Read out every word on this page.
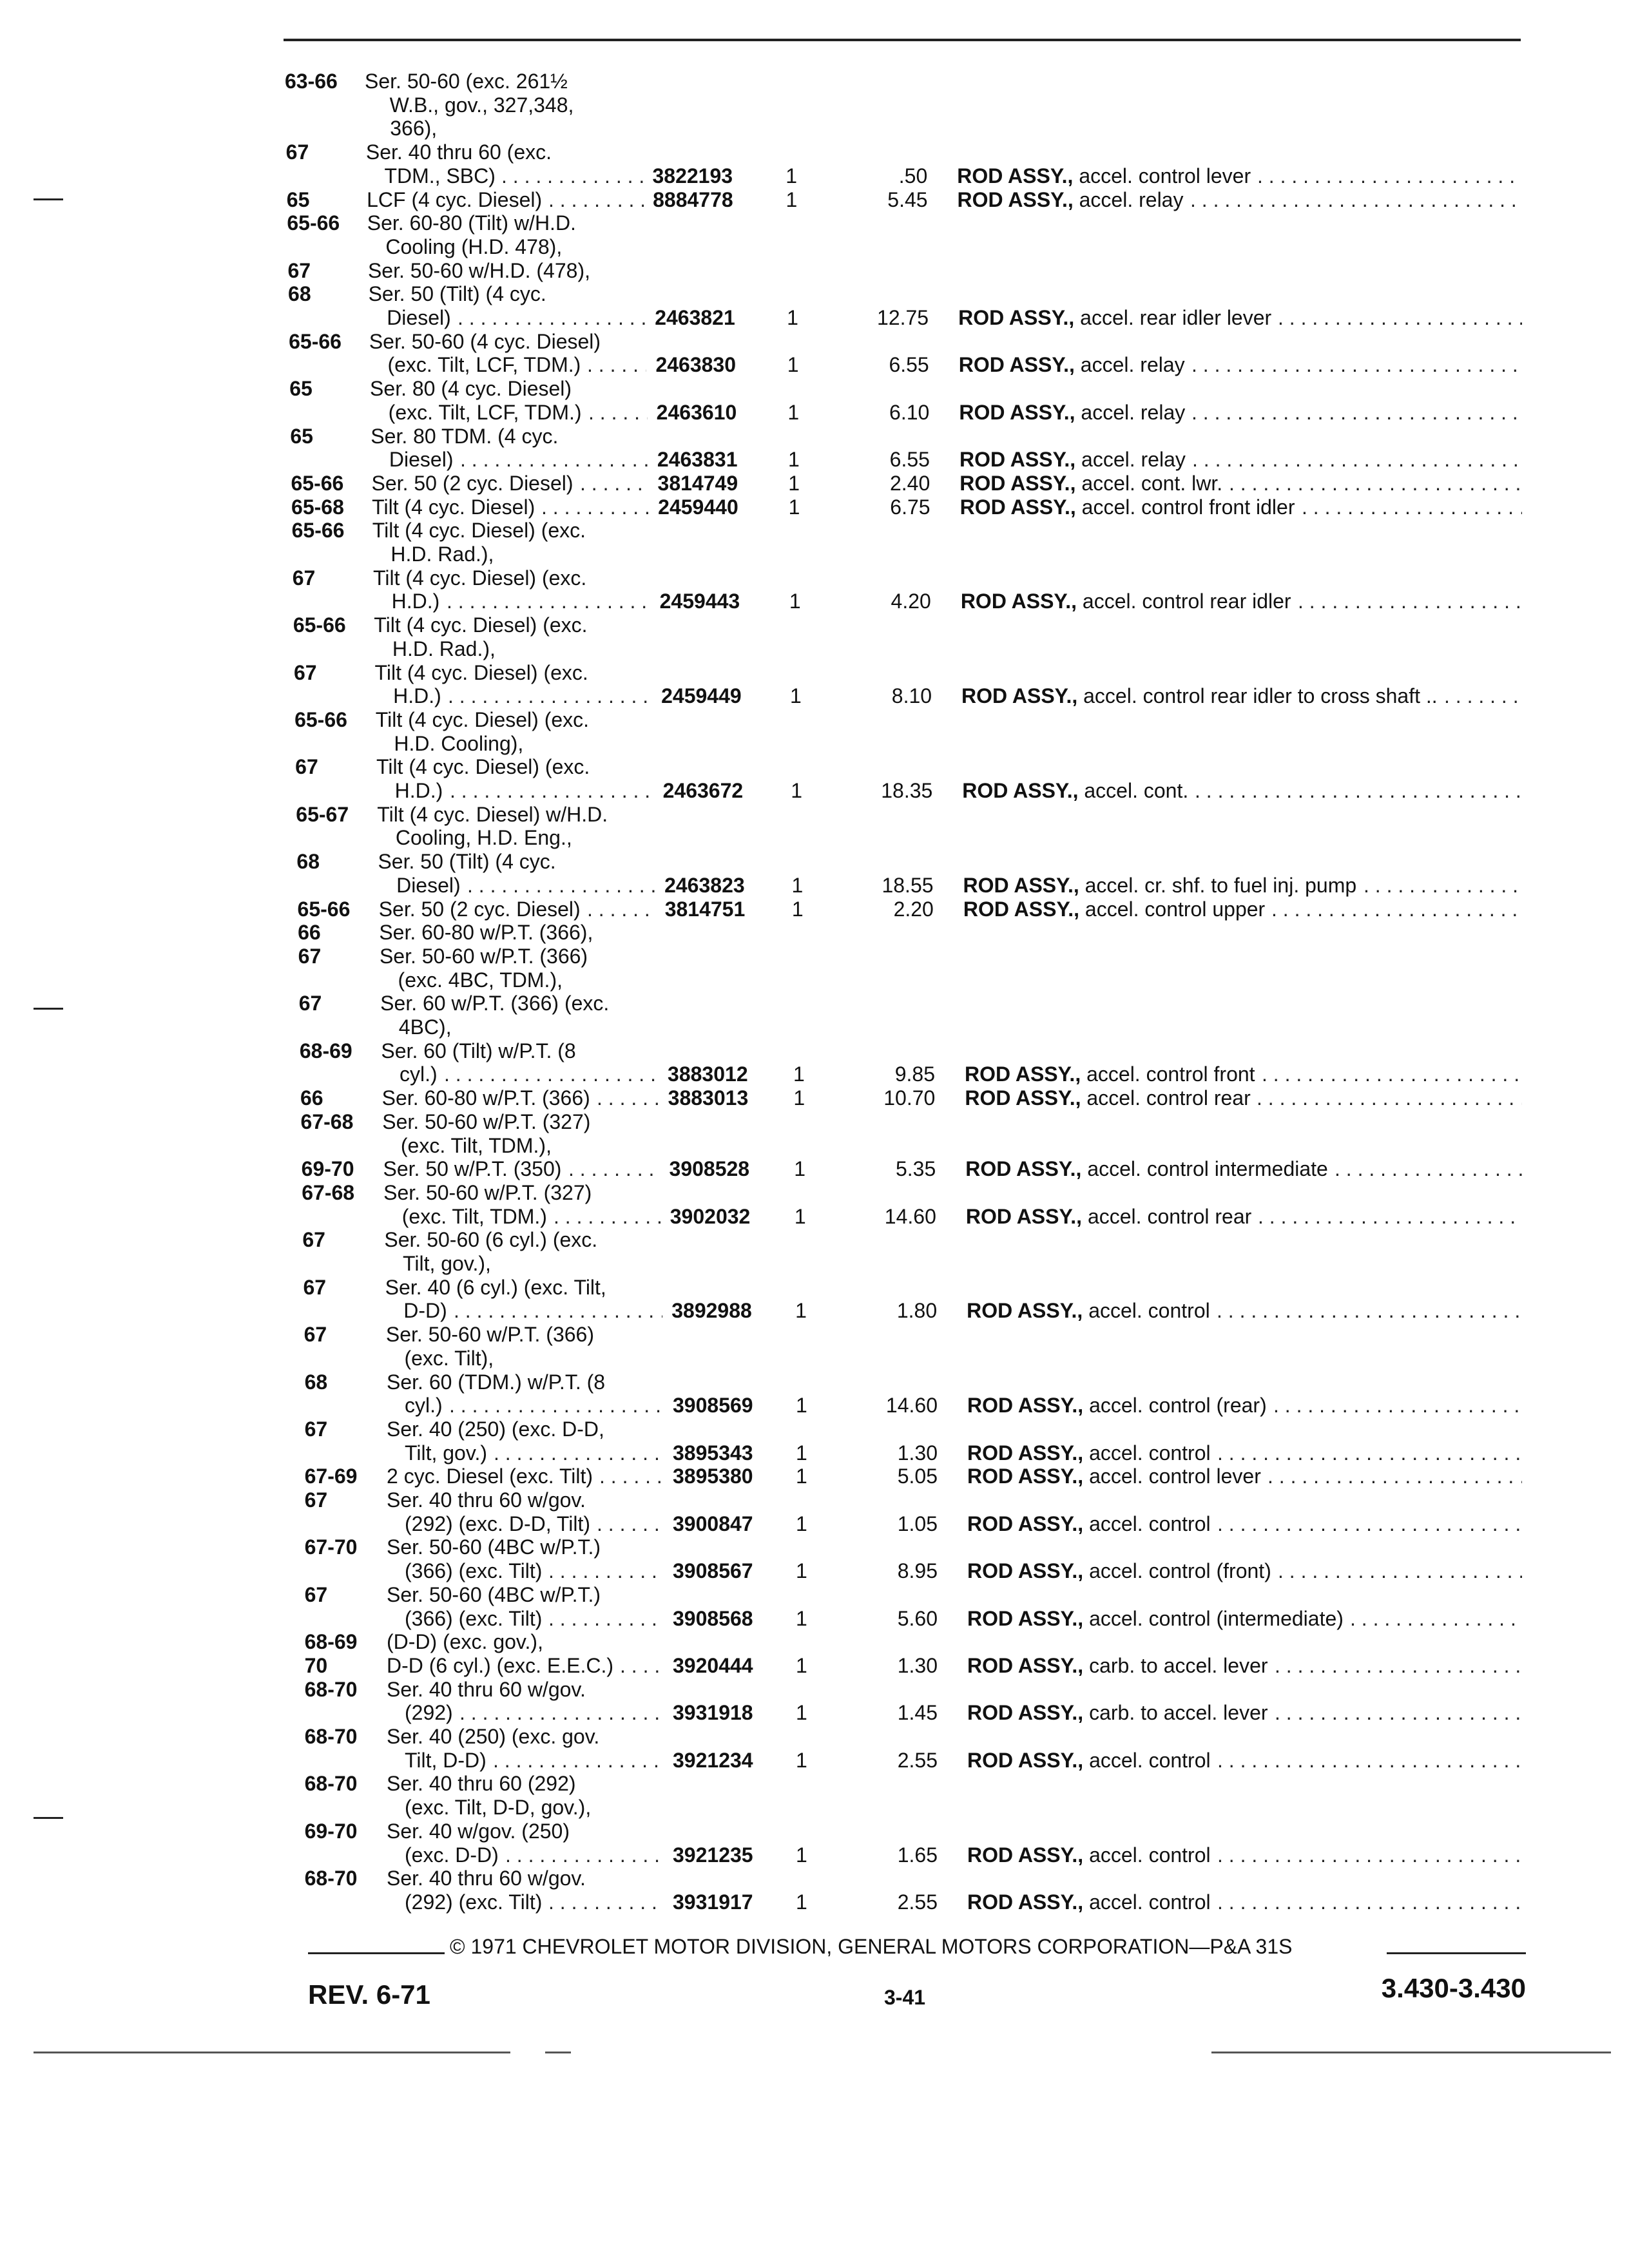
63-66 Ser. 50-60 (exc. 261½
W.B., gov., 327,348,
366),
67	Ser. 40 thru 60 (exc.
TDM., SBC) . . .	3822193	1	.50 ROD ASSY., accel. control lever
. . .
65	LCF (4 cyc. Diesel) . . .	8884778	1	5.45 ROD ASSY., accel. relay
. . .
65-66 Ser. 60-80 (Tilt) w/H.D.
Cooling (H.D. 478),
67	Ser. 50-60 w/H.D. (478),
68	Ser. 50 (Tilt) (4 cyc.
Diesel) . . .	2463821	1	12.75 ROD ASSY., accel. rear idler lever
. . .
65-66 Ser. 50-60 (4 cyc. Diesel)
(exc. Tilt, LCF, TDM.) . . .	2463830 1	6.55 ROD ASSY., accel. relay
. . .
65	Ser. 80 (4 cyc. Diesel)
(exc. Tilt, LCF, TDM.) . . .	2463610 1	6.10 ROD ASSY., accel. relay
. . .
65	Ser. 80 TDM. (4 cyc.
Diesel) . . .	2463831 1	6.55 ROD ASSY., accel. relay
. . .
65-66 Ser. 50 (2 cyc. Diesel) . . .	3814749 1	2.40 ROD ASSY., accel. cont. lwr.
. . .
65-68 Tilt (4 cyc. Diesel) . . .	2459440 1	6.75 ROD ASSY., accel. control front idler
. . .
65-66 Tilt (4 cyc. Diesel) (exc.
H.D. Rad.),
67	Tilt (4 cyc. Diesel) (exc.
H.D.) . . .	2459443 1	4.20 ROD ASSY., accel. control rear idler
. . .
65-66 Tilt (4 cyc. Diesel) (exc.
H.D. Rad.),
67	Tilt (4 cyc. Diesel) (exc.
H.D.) . . .	2459449 1	8.10 ROD ASSY., accel. control rear idler to cross shaft ..
. . .
65-66 Tilt (4 cyc. Diesel) (exc.
H.D. Cooling),
67	Tilt (4 cyc. Diesel) (exc.
H.D.) . . .	2463672 1	18.35 ROD ASSY., accel. cont.
. . .
65-67 Tilt (4 cyc. Diesel) w/H.D.
Cooling, H.D. Eng.,
68	Ser. 50 (Tilt) (4 cyc.
Diesel) . . .	2463823 1	18.55 ROD ASSY., accel. cr. shf. to fuel inj. pump
. . .
65-66 Ser. 50 (2 cyc. Diesel) . . .	3814751 1	2.20 ROD ASSY., accel. control upper
. . .
66	Ser. 60-80 w/P.T. (366),
67	Ser. 50-60 w/P.T. (366)
(exc. 4BC, TDM.),
67	Ser. 60 w/P.T. (366) (exc.
4BC),
68-69 Ser. 60 (Tilt) w/P.T. (8
cyl.) . . .	3883012 1	9.85 ROD ASSY., accel. control front
. . .
66	Ser. 60-80 w/P.T. (366) . . .	3883013 1	10.70 ROD ASSY., accel. control rear
. . .
67-68 Ser. 50-60 w/P.T. (327)
(exc. Tilt, TDM.),
69-70 Ser. 50 w/P.T. (350) . . .	3908528 1	5.35 ROD ASSY., accel. control intermediate
. . .
67-68 Ser. 50-60 w/P.T. (327)
(exc. Tilt, TDM.) . . .	3902032 1	14.60 ROD ASSY., accel. control rear
. . .
67	Ser. 50-60 (6 cyl.) (exc.
Tilt, gov.),
67	Ser. 40 (6 cyl.) (exc. Tilt,
D-D) . . .	3892988 1	1.80 ROD ASSY., accel. control
. . .
67	Ser. 50-60 w/P.T. (366)
(exc. Tilt),
68	Ser. 60 (TDM.) w/P.T. (8
cyl.) . . .	3908569 1	14.60 ROD ASSY., accel. control (rear)
. . .
67	Ser. 40 (250) (exc. D-D,
Tilt, gov.) . . .	3895343 1	1.30 ROD ASSY., accel. control
. . .
67-69 2 cyc. Diesel (exc. Tilt) . . .	3895380 1	5.05 ROD ASSY., accel. control lever
. . .
67	Ser. 40 thru 60 w/gov.
(292) (exc. D-D, Tilt) . . .	3900847 1	1.05 ROD ASSY., accel. control
. . .
67-70 Ser. 50-60 (4BC w/P.T.)
(366) (exc. Tilt) . . .	3908567 1	8.95 ROD ASSY., accel. control (front)
. . .
67	Ser. 50-60 (4BC w/P.T.)
(366) (exc. Tilt) . . .	3908568 1	5.60 ROD ASSY., accel. control (intermediate)
. . .
68-69 (D-D) (exc. gov.),
70	D-D (6 cyl.) (exc. E.E.C.) . . .	3920444 1	1.30 ROD ASSY., carb. to accel. lever
. . .
68-70 Ser. 40 thru 60 w/gov.
(292) . . .	3931918 1	1.45 ROD ASSY., carb. to accel. lever
. . .
68-70 Ser. 40 (250) (exc. gov.
Tilt, D-D) . . .	3921234 1	2.55 ROD ASSY., accel. control
. . .
68-70 Ser. 40 thru 60 (292)
(exc. Tilt, D-D, gov.),
69-70 Ser. 40 w/gov. (250)
(exc. D-D) . . .	3921235 1	1.65 ROD ASSY., accel. control
. . .
68-70 Ser. 40 thru 60 w/gov.
(292) (exc. Tilt) . . .	3931917 1	2.55 ROD ASSY., accel. control
. . .
© 1971 CHEVROLET MOTOR DIVISION, GENERAL MOTORS CORPORATION—P&A 31S
REV. 6-71	3-41	3.430-3.430
